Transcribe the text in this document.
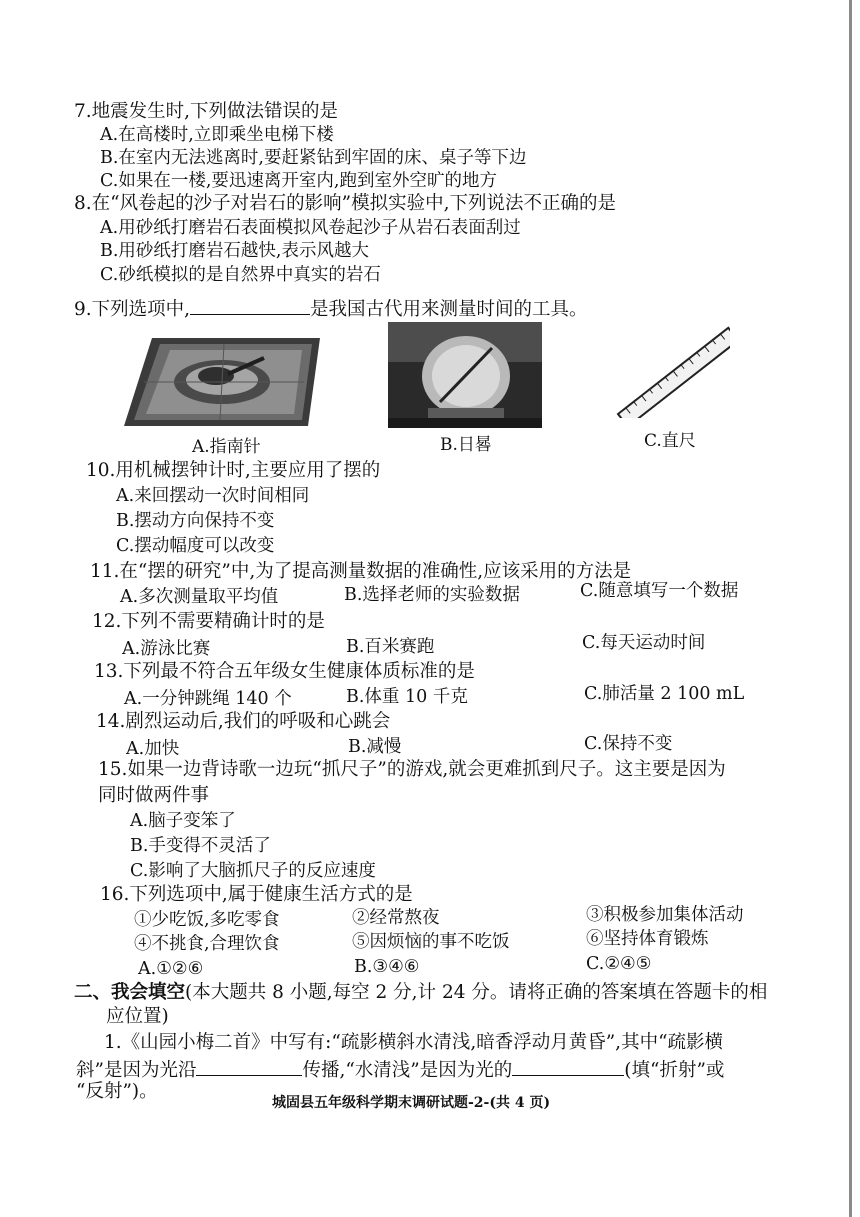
7.地震发生时,下列做法错误的是
A.在高楼时,立即乘坐电梯下楼
B.在室内无法逃离时,要赶紧钻到牢固的床、桌子等下边
C.如果在一楼,要迅速离开室内,跑到室外空旷的地方
8.在“风卷起的沙子对岩石的影响”模拟实验中,下列说法不正确的是
A.用砂纸打磨岩石表面模拟风卷起沙子从岩石表面刮过
B.用砂纸打磨岩石越快,表示风越大
C.砂纸模拟的是自然界中真实的岩石
9.下列选项中,	是我国古代用来测量时间的工具。
A.指南针	B.日晷	C.直尺
10.用机械摆钟计时,主要应用了摆的
A.来回摆动一次时间相同
B.摆动方向保持不变
C.摆动幅度可以改变
11.在“摆的研究”中,为了提高测量数据的准确性,应该采用的方法是
A.多次测量取平均值	B.选择老师的实验数据	C.随意填写一个数据
12.下列不需要精确计时的是
A.游泳比赛	B.百米赛跑	C.每天运动时间
13.下列最不符合五年级女生健康体质标准的是
A.一分钟跳绳 140 个	B.体重 10 千克	C.肺活量 2 100 mL
14.剧烈运动后,我们的呼吸和心跳会
A.加快	B.减慢	C.保持不变
15.如果一边背诗歌一边玩“抓尺子”的游戏,就会更难抓到尺子。这主要是因为
同时做两件事
A.脑子变笨了
B.手变得不灵活了
C.影响了大脑抓尺子的反应速度
16.下列选项中,属于健康生活方式的是
①少吃饭,多吃零食	②经常熬夜	③积极参加集体活动
④不挑食,合理饮食	⑤因烦恼的事不吃饭	⑥坚持体育锻炼
A.①②⑥	B.③④⑥	C.②④⑤
二、我会填空(本大题共 8 小题,每空 2 分,计 24 分。请将正确的答案填在答题卡的相
应位置)
1.《山园小梅二首》中写有:“疏影横斜水清浅,暗香浮动月黄昏”,其中“疏影横
斜”是因为光沿	传播,“水清浅”是因为光的	(填“折射”或
“反射”)。
城固县五年级科学期末调研试题-2-(共 4 页)
